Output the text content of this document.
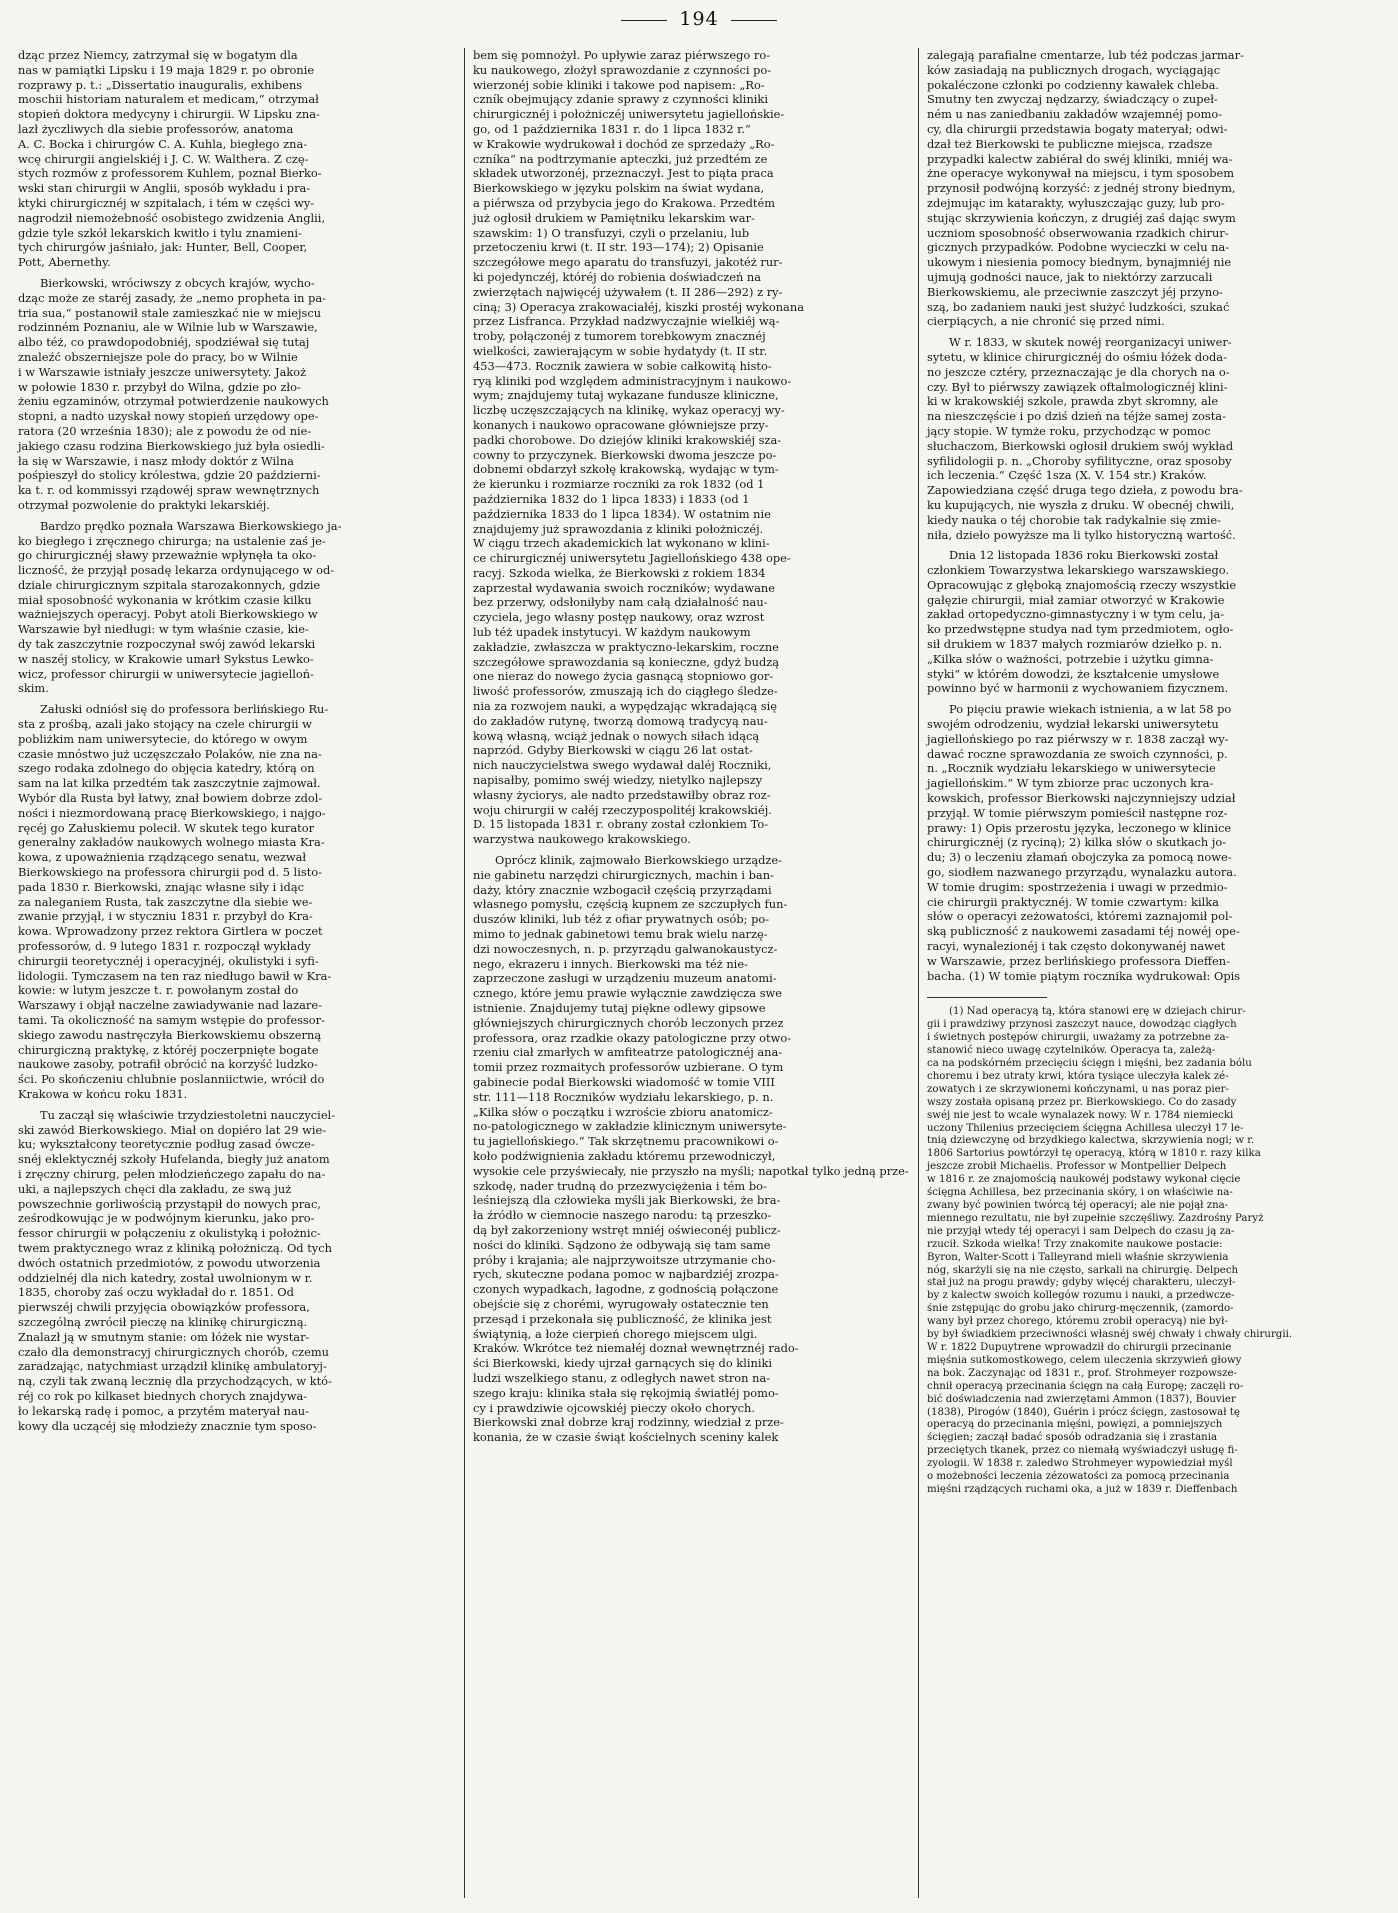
194

dząc przez Niemcy, zatrzymał się w bogatym dla
nas w pamiątki Lipsku i 19 maja 1829 r. po obronie
rozprawy p. t.: „Dissertatio inauguralis, exhibens
moschii historiam naturalem et medicam,“ otrzymał
stopień doktora medycyny i chirurgii. W Lipsku zna-
lazł życzliwych dla siebie professorów, anatoma
A. C. Bocka i chirurgów C. A. Kuhla, biegłego zna-
wcę chirurgii angielskiéj i J. C. W. Walthera. Z czę-
stych rozmów z professorem Kuhlem, poznał Bierko-
wski stan chirurgii w Anglii, sposób wykładu i pra-
ktyki chirurgicznéj w szpitalach, i tém w części wy-
nagrodził niemożebność osobistego zwidzenia Anglii,
gdzie tyle szkół lekarskich kwitło i tylu znamieni-
tych chirurgów jaśniało, jak: Hunter, Bell, Cooper,
Pott, Abernethy.

Bierkowski, wróciwszy z obcych krajów, wycho-
dząc może ze staréj zasady, że „nemo propheta in pa-
tria sua,“ postanowił stale zamieszkać nie w miejscu
rodzinném Poznaniu, ale w Wilnie lub w Warszawie,
albo téż, co prawdopodobniéj, spodziéwał się tutaj
znaleźć obszerniejsze pole do pracy, bo w Wilnie
i w Warszawie istniały jeszcze uniwersytety. Jakoż
w połowie 1830 r. przybył do Wilna, gdzie po zło-
żeniu egzaminów, otrzymał potwierdzenie naukowych
stopni, a nadto uzyskał nowy stopień urzędowy ope-
ratora (20 września 1830); ale z powodu że od nie-
jakiego czasu rodzina Bierkowskiego już była osiedli-
ła się w Warszawie, i nasz młody doktór z Wilna
pośpieszył do stolicy królestwa, gdzie 20 październi-
ka t. r. od kommissyi rządowéj spraw wewnętrznych
otrzymał pozwolenie do praktyki lekarskiéj.

Bardzo prędko poznała Warszawa Bierkowskiego ja-
ko biegłego i zręcznego chirurga; na ustalenie zaś je-
go chirurgicznéj sławy przeważnie wpłynęła ta oko-
liczność, że przyjął posadę lekarza ordynującego w od-
dziale chirurgicznym szpitala starozakonnych, gdzie
miał sposobność wykonania w krótkim czasie kilku
ważniejszych operacyj. Pobyt atoli Bierkowskiego w
Warszawie był niedługi: w tym właśnie czasie, kie-
dy tak zaszczytnie rozpoczynał swój zawód lekarski
w naszéj stolicy, w Krakowie umarł Sykstus Lewko-
wicz, professor chirurgii w uniwersytecie jagielloń-
skim.

Załuski odniósł się do professora berlińskiego Ru-
sta z prośbą, azali jako stojący na czele chirurgii w
pobliżkim nam uniwersytecie, do którego w owym
czasie mnóstwo już uczęszczało Polaków, nie zna na-
szego rodaka zdolnego do objęcia katedry, którą on
sam na lat kilka przedtém tak zaszczytnie zajmował.
Wybór dla Rusta był łatwy, znał bowiem dobrze zdol-
ności i niezmordowaną pracę Bierkowskiego, i najgo-
ręcéj go Załuskiemu polecił. W skutek tego kurator
generalny zakładów naukowych wolnego miasta Kra-
kowa, z upoważnienia rządzącego senatu, wezwał
Bierkowskiego na professora chirurgii pod d. 5 listo-
pada 1830 r. Bierkowski, znając własne siły i idąc
za naleganiem Rusta, tak zaszczytne dla siebie we-
zwanie przyjął, i w styczniu 1831 r. przybył do Kra-
kowa. Wprowadzony przez rektora Girtlera w poczet
professorów, d. 9 lutego 1831 r. rozpoczął wykłady
chirurgii teoretycznéj i operacyjnéj, okulistyki i syfi-
lidologii. Tymczasem na ten raz niedługo bawił w Kra-
kowie: w lutym jeszcze t. r. powołanym został do
Warszawy i objął naczelne zawiadywanie nad lazare-
tami. Ta okoliczność na samym wstępie do professor-
skiego zawodu nastręczyła Bierkowskiemu obszerną
chirurgiczną praktykę, z któréj poczerpnięte bogate
naukowe zasoby, potrafił obrócić na korzyść ludzko-
ści. Po skończeniu chlubnie poslanniictwie, wrócił do
Krakowa w końcu roku 1831.

Tu zaczął się właściwie trzydziestoletni nauczyciel-
ski zawód Bierkowskiego. Miał on dopiéro lat 29 wie-
ku; wykształcony teoretycznie podług zasad ówcze-
snéj eklektycznéj szkoły Hufelanda, biegły już anatom
i zręczny chirurg, pełen młodzieńczego zapału do na-
uki, a najlepszych chęci dla zakładu, ze swą już
powszechnie gorliwością przystąpił do nowych prac,
ześrodkowując je w podwójnym kierunku, jako pro-
fessor chirurgii w połączeniu z okulistyką i położnic-
twem praktycznego wraz z kliniką położniczą. Od tych
dwóch ostatnich przedmiotów, z powodu utworzenia
oddzielnéj dla nich katedry, został uwolnionym w r.
1835, choroby zaś oczu wykładał do r. 1851. Od
pierwszéj chwili przyjęcia obowiązków professora,
szczególną zwrócił pieczę na klinikę chirurgiczną.
Znalazł ją w smutnym stanie: om łóżek nie wystar-
czało dla demonstracyj chirurgicznych chorób, czemu
zaradzając, natychmiast urządził klinikę ambulatoryj-
ną, czyli tak zwaną lecznię dla przychodzących, w któ-
réj co rok po kilkaset biednych chorych znajdywa-
ło lekarską radę i pomoc, a przytém materyał nau-
kowy dla uczącéj się młodzieży znacznie tym sposo-

bem się pomnożył. Po upływie zaraz piérwszego ro-
ku naukowego, złożył sprawozdanie z czynności po-
wierzonéj sobie kliniki i takowe pod napisem: „Ro-
czník obejmujący zdanie sprawy z czynności kliniki
chirurgicznéj i położniczéj uniwersytetu jagiellońskie-
go, od 1 października 1831 r. do 1 lipca 1832 r.“
w Krakowie wydrukował i dochód ze sprzedaży „Ro-
czníka“ na podtrzymanie apteczki, już przedtém ze
składek utworzonéj, przeznaczył. Jest to piąta praca
Bierkowskiego w języku polskim na świat wydana,
a piérwsza od przybycia jego do Krakowa. Przedtém
już ogłosił drukiem w Pamiętniku lekarskim war-
szawskim: 1) O transfuzyi, czyli o przelaniu, lub
przetoczeniu krwi (t. II str. 193—174); 2) Opisanie
szczegółowe mego aparatu do transfuzyi, jakotéż rur-
ki pojedynczéj, któréj do robienia doświadczeń na
zwierzętach najwięcéj używałem (t. II 286—292) z ry-
ciną; 3) Operacya zrakowaciałéj, kiszki prostéj wykonana
przez Lisfranca. Przykład nadzwyczajnie wielkiéj wą-
troby, połączonéj z tumorem torebkowym znacznéj
wielkości, zawierającym w sobie hydatydy (t. II str.
453—473. Rocznik zawiera w sobie całkowitą histo-
ryą kliniki pod względem administracyjnym i naukowo-
wym; znajdujemy tutaj wykazane fundusze kliniczne,
liczbę uczęszczających na klinikę, wykaz operacyj wy-
konanych i naukowo opracowane główniejsze przy-
padki chorobowe. Do dziejów kliniki krakowskiéj sza-
cowny to przyczynek. Bierkowski dwoma jeszcze po-
dobnemi obdarzył szkołę krakowską, wydając w tym-
że kierunku i rozmiarze roczniki za rok 1832 (od 1
października 1832 do 1 lipca 1833) i 1833 (od 1
października 1833 do 1 lipca 1834). W ostatnim nie
znajdujemy już sprawozdania z kliniki położniczéj.
W ciągu trzech akademickich lat wykonano w klini-
ce chirurgicznéj uniwersytetu Jagiellońskiego 438 ope-
racyj. Szkoda wielka, że Bierkowski z rokiem 1834
zaprzestał wydawania swoich roczników; wydawane
bez przerwy, odsłoniłyby nam całą działalność nau-
czyciela, jego własny postęp naukowy, oraz wzrost
lub téż upadek instytucyi. W każdym naukowym
zakładzie, zwłaszcza w praktyczno-lekarskim, roczne
szczegółowe sprawozdania są konieczne, gdyż budzą
one nieraz do nowego życia gasnącą stopniowo gor-
liwość professorów, zmuszają ich do ciągłego śledze-
nia za rozwojem nauki, a wypędzając wkradającą się
do zakładów rutynę, tworzą domową tradycyą nau-
kową własną, wciąż jednak o nowych siłach idącą
naprzód. Gdyby Bierkowski w ciągu 26 lat ostat-
nich nauczycielstwa swego wydawał daléj Roczniki,
napisałby, pomimo swéj wiedzy, nietylko najlepszy
własny życiorys, ale nadto przedstawiłby obraz roz-
woju chirurgii w całéj rzeczypospolitéj krakowskiéj.
D. 15 listopada 1831 r. obrany został członkiem To-
warzystwa naukowego krakowskiego.

Oprócz klinik, zajmowało Bierkowskiego urządze-
nie gabinetu narzędzi chirurgicznych, machin i ban-
daży, który znacznie wzbogacił częścią przyrządami
własnego pomysłu, częścią kupnem ze szczupłych fun-
duszów kliniki, lub téż z ofiar prywatnych osób; po-
mimo to jednak gabinetowi temu brak wielu narzę-
dzi nowoczesnych, n. p. przyrządu galwanokaustycz-
nego, ekrazeru i innych. Bierkowski ma téż nie-
zaprzeczone zasługi w urządzeniu muzeum anatomi-
cznego, które jemu prawie wyłącznie zawdzięcza swe
istnienie. Znajdujemy tutaj piękne odlewy gipsowe
główniejszych chirurgicznych chorób leczonych przez
professora, oraz rzadkie okazy patologiczne przy otwo-
rzeniu ciał zmarłych w amfiteatrze patologicznéj ana-
tomii przez rozmaitych professorów uzbierane. O tym
gabinecie podał Bierkowski wiadomość w tomie VIII
str. 111—118 Roczników wydziału lekarskiego, p. n.
„Kilka słów o początku i wzroście zbioru anatomicz-
no-patologicznego w zakładzie klinicznym uniwersyte-
tu jagiellońskiego.“ Tak skrzętnemu pracownikowi o-
koło podźwignienia zakładu któremu przewodniczył,
wysokie cele przyświecały, nie przyszło na myśli; napotkał tylko jedną prze-
szkodę, nader trudną do przezwyciężenia i tém bo-
leśniejszą dla człowieka myśli jak Bierkowski, że bra-
ła źródło w ciemnocie naszego narodu: tą przeszko-
dą był zakorzeniony wstręt mniéj oświeconéj publicz-
ności do kliniki. Sądzono że odbywają się tam same
próby i krajania; ale najprzywoitsze utrzymanie cho-
rych, skuteczne podana pomoc w najbardziéj zrozpa-
czonych wypadkach, łagodne, z godnością połączone
obejście się z chorémi, wyrugowały ostatecznie ten
przesąd i przekonała się publiczność, że klinika jest
świątynią, a łoże cierpień chorego miejscem ulgi.
Kraków. Wkrótce też niemałéj doznał wewnętrznéj rado-
ści Bierkowski, kiedy ujrzał garnących się do kliniki
ludzi wszelkiego stanu, z odległych nawet stron na-
szego kraju: klinika stała się rękojmią światłéj pomo-
cy i prawdziwie ojcowskiéj pieczy około chorych.
Bierkowski znał dobrze kraj rodzinny, wiedział z prze-
konania, że w czasie świąt kościelnych sceniny kalek

zalegają parafialne cmentarze, lub téż podczas jarmar-
ków zasiadają na publicznych drogach, wyciągając
pokaléczone członki po codzienny kawałek chleba.
Smutny ten zwyczaj nędzarzy, świadczący o zupeł-
ném u nas zaniedbaniu zakładów wzajemnéj pomo-
cy, dla chirurgii przedstawia bogaty materyał; odwi-
dzał też Bierkowski te publiczne miejsca, rzadsze
przypadki kalectw zabiérał do swéj kliniki, mniéj wa-
żne operacye wykonywał na miejscu, i tym sposobem
przynosił podwójną korzyść: z jednéj strony biednym,
zdejmując im katarakty, wyłuszczając guzy, lub pro-
stując skrzywienia kończyn, z drugiéj zaś dając swym
uczniom sposobność obserwowania rzadkich chirur-
gicznych przypadków. Podobne wycieczki w celu na-
ukowym i niesienia pomocy biednym, bynajmniéj nie
ujmują godności nauce, jak to niektórzy zarzucali
Bierkowskiemu, ale przeciwnie zaszczyt jéj przyno-
szą, bo zadaniem nauki jest służyć ludzkości, szukać
cierpiących, a nie chronić się przed nimi.

W r. 1833, w skutek nowéj reorganizacyi uniwer-
sytetu, w klinice chirurgicznéj do ośmiu łóżek doda-
no jeszcze cztéry, przeznaczając je dla chorych na o-
czy. Był to piérwszy zawiązek oftalmologicznéj klini-
ki w krakowskiéj szkole, prawda zbyt skromny, ale
na nieszczęście i po dziś dzień na téjże samej zosta-
jący stopie. W tymże roku, przychodząc w pomoc
słuchaczom, Bierkowski ogłosił drukiem swój wykład
syfilidologii p. n. „Choroby syfilityczne, oraz sposoby
ich leczenia.“ Część 1sza (X. V. 154 str.) Kraków.
Zapowiedziana część druga tego dzieła, z powodu bra-
ku kupujących, nie wyszła z druku. W obecnéj chwili,
kiedy nauka o téj chorobie tak radykalnie się zmie-
niła, dzieło powyższe ma li tylko historyczną wartość.

Dnia 12 listopada 1836 roku Bierkowski został
członkiem Towarzystwa lekarskiego warszawskiego.
Opracowując z głęboką znajomością rzeczy wszystkie
gałęzie chirurgii, miał zamiar otworzyć w Krakowie
zakład ortopedyczno-gimnastyczny i w tym celu, ja-
ko przedwstępne studya nad tym przedmiotem, ogło-
sił drukiem w 1837 małych rozmiarów dziełko p. n.
„Kilka słów o ważności, potrzebie i użytku gimna-
styki“ w którém dowodzi, że kształcenie umysłowe
powinno być w harmonii z wychowaniem fizycznem.

Po pięciu prawie wiekach istnienia, a w lat 58 po
swojém odrodzeniu, wydział lekarski uniwersytetu
jagiellońskiego po raz piérwszy w r. 1838 zaczął wy-
dawać roczne sprawozdania ze swoich czynności, p.
n. „Rocznik wydziału lekarskiego w uniwersytecie
jagiellońskim.“ W tym zbiorze prac uczonych kra-
kowskich, professor Bierkowski najczynniejszy udział
przyjął. W tomie piérwszym pomieścił następne roz-
prawy: 1) Opis przerostu języka, leczonego w klinice
chirurgicznéj (z ryciną); 2) kilka słów o skutkach jo-
du; 3) o leczeniu złamań obojczyka za pomocą nowe-
go, siodłem nazwanego przyrządu, wynalazku autora.
W tomie drugim: spostrzeżenia i uwagi w przedmio-
cie chirurgii praktycznéj. W tomie czwartym: kilka
słów o operacyi zeżowatości, któremi zaznajomił pol-
ską publiczność z naukowemi zasadami téj nowéj ope-
racyi, wynalezionéj i tak często dokonywanéj nawet
w Warszawie, przez berlińskiego professora Dieffen-
bacha. (1) W tomie piątym rocznika wydrukował: Opis

(1) Nad operacyą tą, która stanowi erę w dziejach chirur-
gii i prawdziwy przynosi zaszczyt nauce, dowodząc ciągłych
i świetnych postępów chirurgii, uważamy za potrzebne za-
stanowić nieco uwagę czytelników. Operacya ta, zależą-
ca na podskórném przecięciu ścięgn i mięśni, bez zadania bólu
choremu i bez utraty krwi, która tysiące uleczyła kalek zé-
zowatych i ze skrzywionemi kończynami, u nas poraz pier-
wszy została opisaną przez pr. Bierkowskiego. Co do zasady
swéj nie jest to wcale wynalazek nowy. W r. 1784 niemiecki
uczony Thilenius przecięciem ścięgna Achillesa uleczył 17 le-
tnią dziewczynę od brzydkiego kalectwa, skrzywienia nogi; w r.
1806 Sartorius powtórzył tę operacyą, którą w 1810 r. razy kilka
jeszcze zrobił Michaelis. Professor w Montpellier Delpech
w 1816 r. ze znajomością naukowéj podstawy wykonał cięcie
ścięgna Achillesa, bez przecinania skóry, i on właściwie na-
zwany być powinien twórcą téj operacyi; ale nie pojął zna-
miennego rezultatu, nie był zupełnie szczęśliwy. Zazdrośny Paryż
nie przyjął wtedy téj operacyi i sam Delpech do czasu ją za-
rzucił. Szkoda wielka! Trzy znakomite naukowe postacie:
Byron, Walter-Scott i Talleyrand mieli właśnie skrzywienia
nóg, skarżyli się na nie często, sarkali na chirurgię. Delpech
stał już na progu prawdy; gdyby więcéj charakteru, uleczył-
by z kalectw swoich kollegów rozumu i nauki, a przedwcze-
śnie zstępując do grobu jako chirurg-męczennik, (zamordo-
wany był przez chorego, któremu zrobił operacyą) nie był-
by był świadkiem przeciwności własnéj swéj chwały i chwały chirurgii.
W r. 1822 Dupuytrene wprowadził do chirurgii przecinanie
mięśnia sutkomostkowego, celem uleczenia skrzywień głowy
na bok. Zaczynając od 1831 r., prof. Strohmeyer rozpowsze-
chnił operacyą przecinania ścięgn na całą Europę; zaczęli ro-
bić doświadczenia nad zwierzętami Ammon (1837), Bouvier
(1838), Pirogów (1840), Guérin i prócz ścięgn, zastosował tę
operacyą do przecinania mięśni, powięzi, a pomniejszych
ścięgien; zaczął badać sposób odradzania się i zrastania
przeciętych tkanek, przez co niemałą wyświadczył usługę fi-
zyologii. W 1838 r. zaledwo Strohmeyer wypowiedział myśl
o możebności leczenia zézowatości za pomocą przecinania
mięśni rządzących ruchami oka, a już w 1839 r. Dieffenbach
